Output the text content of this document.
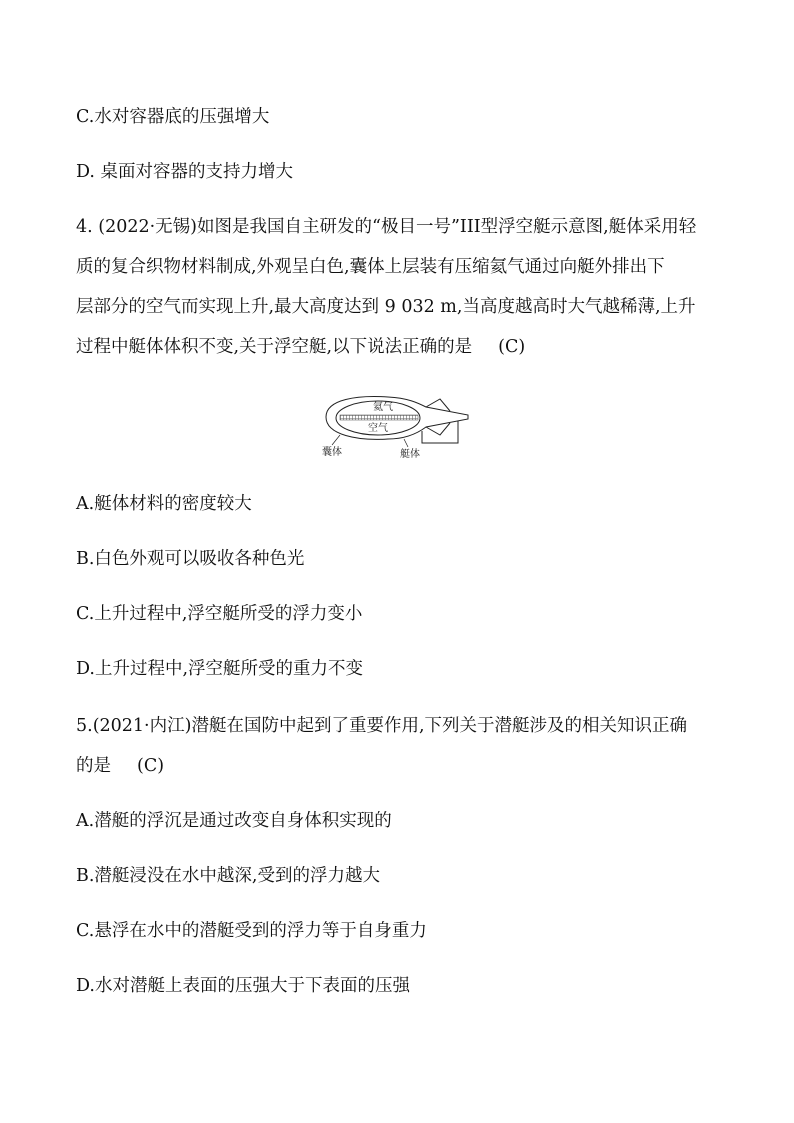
C.水对容器底的压强增大
D. 桌面对容器的支持力增大
4. (2022·无锡)如图是我国自主研发的“极目一号”III型浮空艇示意图,艇体采用轻
质的复合织物材料制成,外观呈白色,囊体上层装有压缩氦气通过向艇外排出下
层部分的空气而实现上升,最大高度达到 9 032 m,当高度越高时大气越稀薄,上升
过程中艇体体积不变,关于浮空艇,以下说法正确的是 (C)
氦气
空气
囊体	艇体
A.艇体材料的密度较大
B.白色外观可以吸收各种色光
C.上升过程中,浮空艇所受的浮力变小
D.上升过程中,浮空艇所受的重力不变
5.(2021·内江)潜艇在国防中起到了重要作用,下列关于潜艇涉及的相关知识正确
的是 (C)
A.潜艇的浮沉是通过改变自身体积实现的
B.潜艇浸没在水中越深,受到的浮力越大
C.悬浮在水中的潜艇受到的浮力等于自身重力
D.水对潜艇上表面的压强大于下表面的压强
